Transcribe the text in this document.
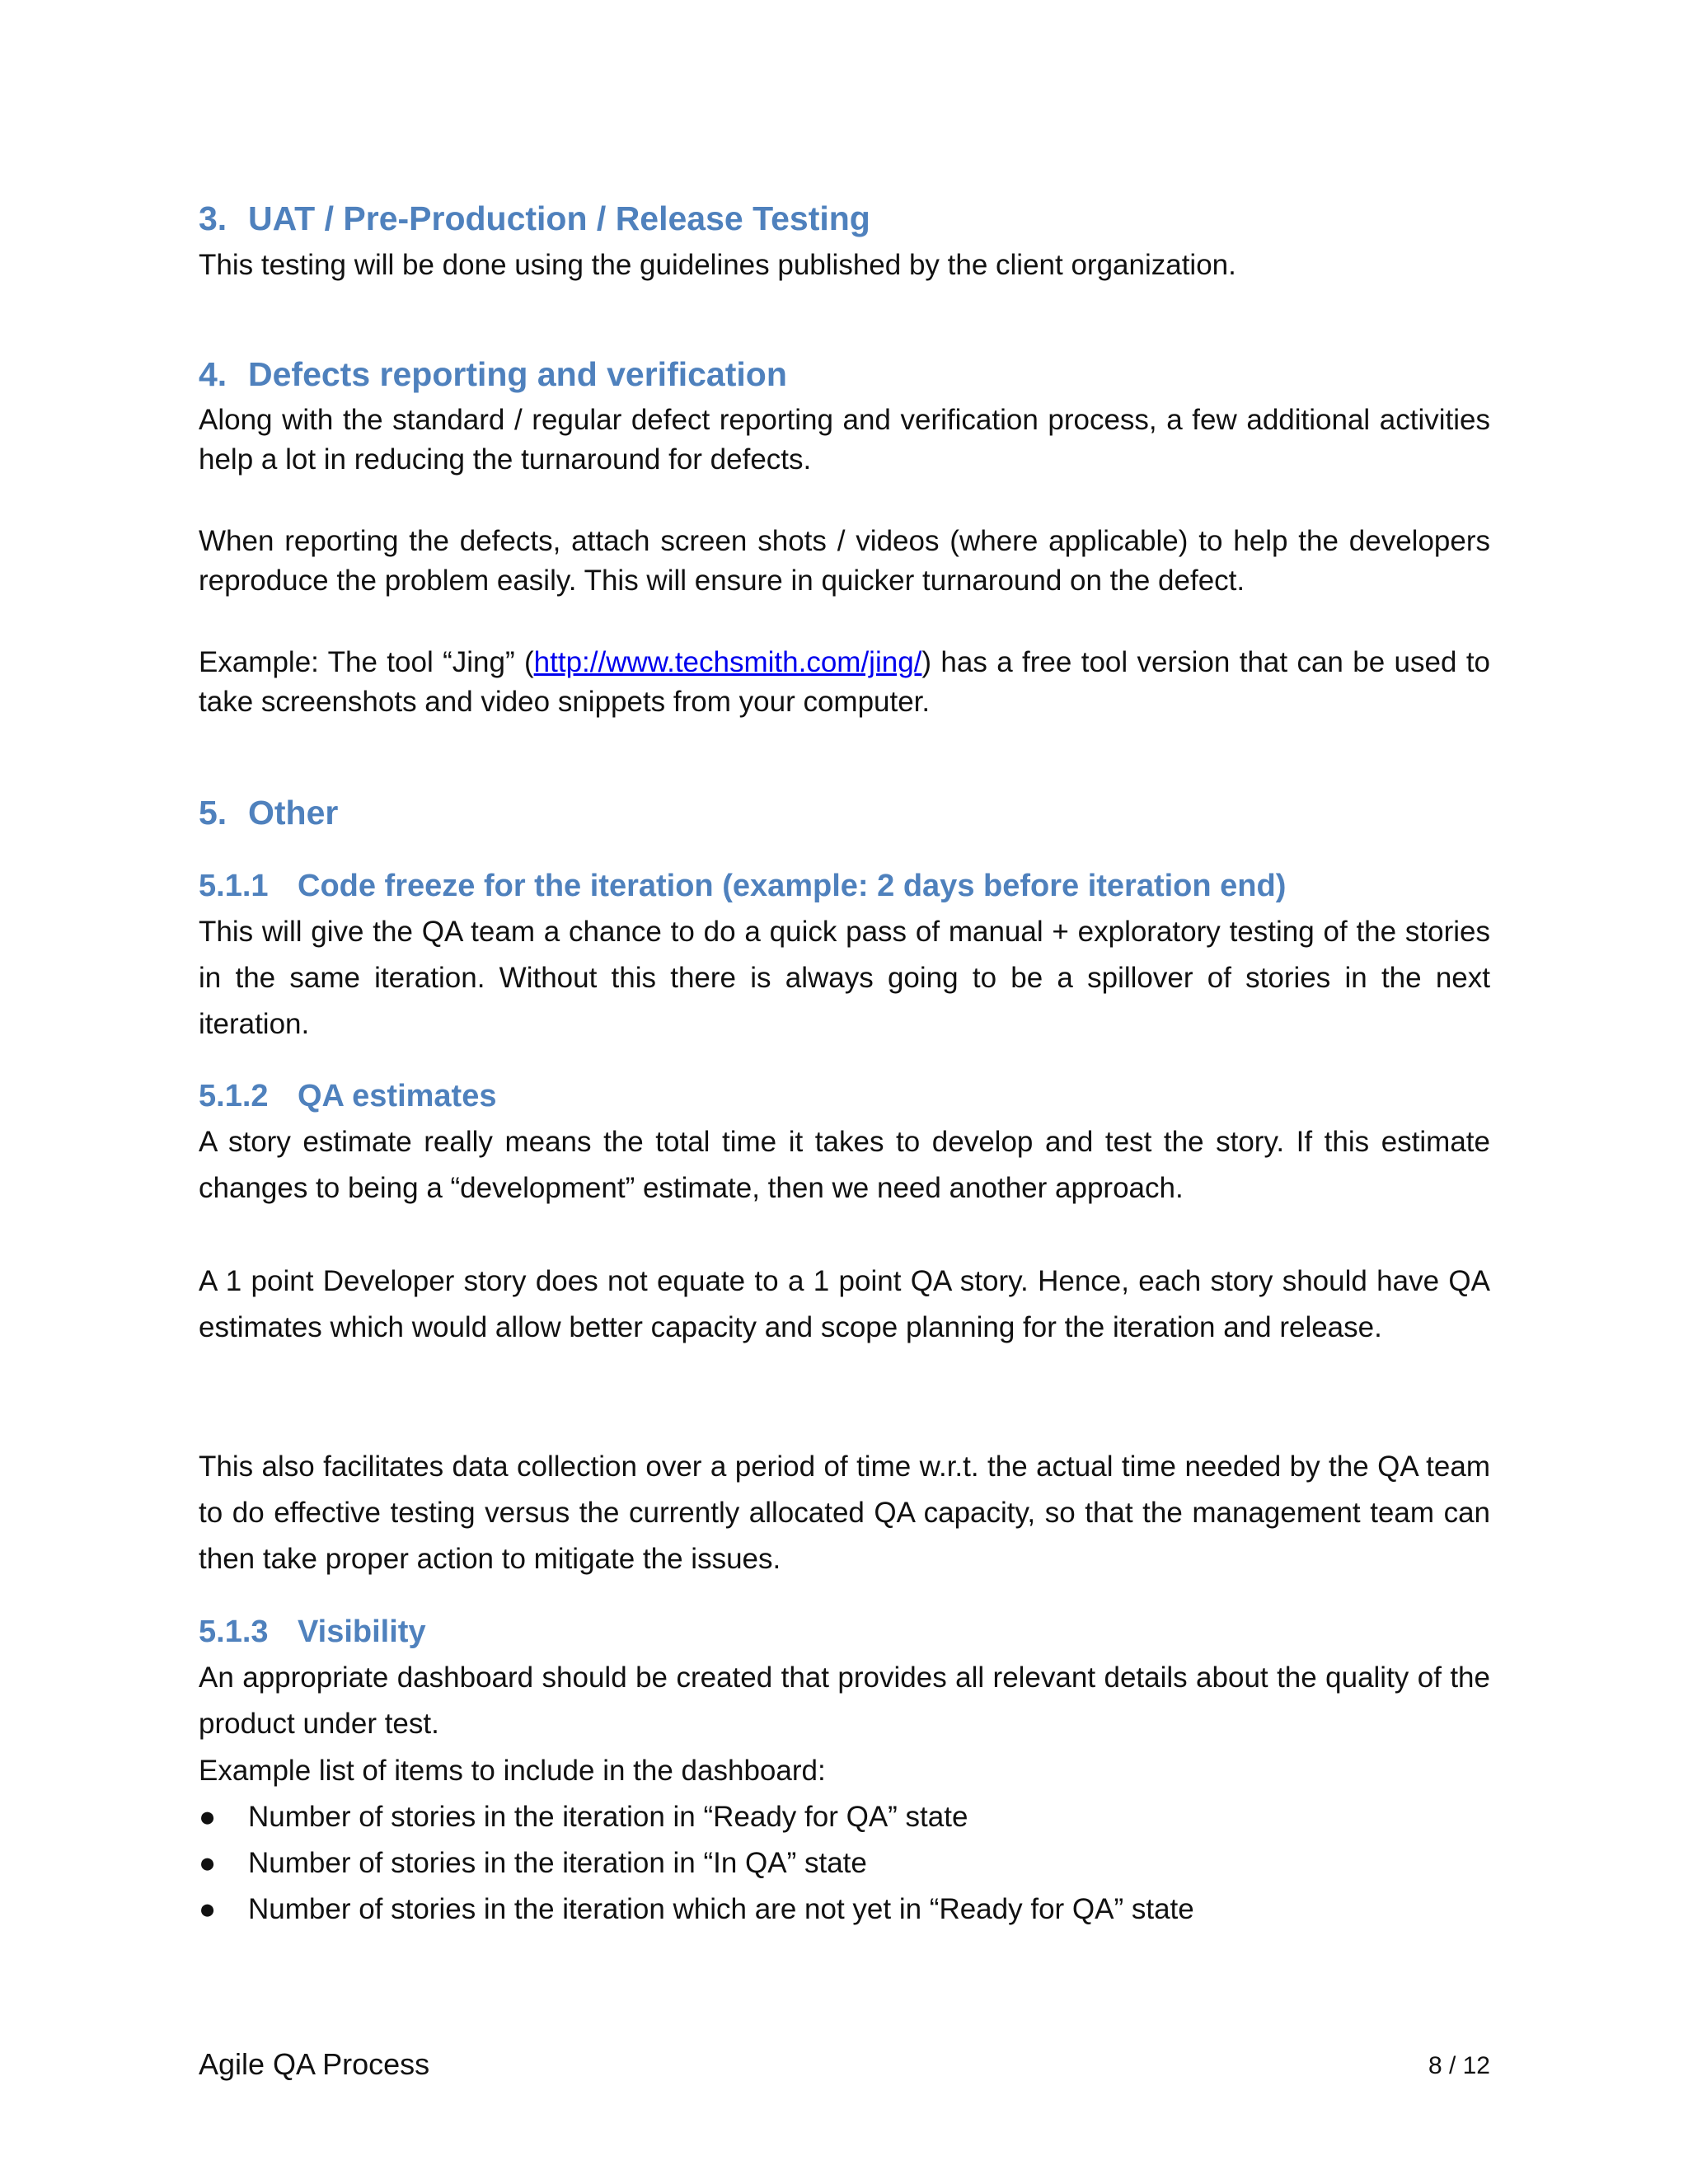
3. UAT / Pre-Production / Release Testing
This testing will be done using the guidelines published by the client organization.
4. Defects reporting and verification
Along with the standard / regular defect reporting and verification process, a few additional activities help a lot in reducing the turnaround for defects.
When reporting the defects, attach screen shots / videos (where applicable) to help the developers reproduce the problem easily. This will ensure in quicker turnaround on the defect.
Example: The tool “Jing” (http://www.techsmith.com/jing/) has a free tool version that can be used to take screenshots and video snippets from your computer.
5. Other
5.1.1 Code freeze for the iteration (example: 2 days before iteration end)
This will give the QA team a chance to do a quick pass of manual + exploratory testing of the stories in the same iteration. Without this there is always going to be a spillover of stories in the next iteration.
5.1.2 QA estimates
A story estimate really means the total time it takes to develop and test the story. If this estimate changes to being a “development” estimate, then we need another approach.
A 1 point Developer story does not equate to a 1 point QA story. Hence, each story should have QA estimates which would allow better capacity and scope planning for the iteration and release.
This also facilitates data collection over a period of time w.r.t. the actual time needed by the QA team to do effective testing versus the currently allocated QA capacity, so that the management team can then take proper action to mitigate the issues.
5.1.3 Visibility
An appropriate dashboard should be created that provides all relevant details about the quality of the product under test.
Example list of items to include in the dashboard:
● Number of stories in the iteration in “Ready for QA” state
● Number of stories in the iteration in “In QA” state
● Number of stories in the iteration which are not yet in “Ready for QA” state
Agile QA Process	8 / 12
